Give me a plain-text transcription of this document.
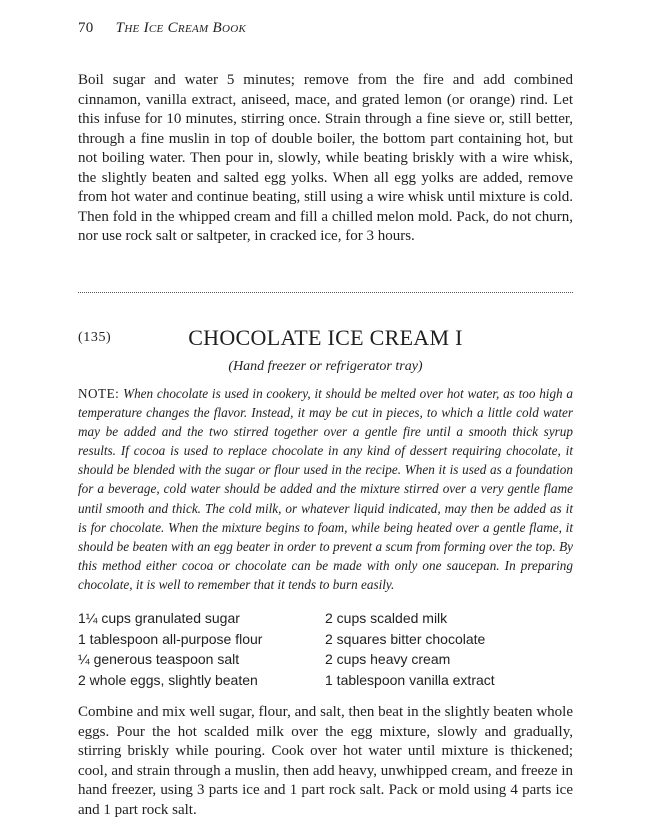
70 The Ice Cream Book

Boil sugar and water 5 minutes; remove from the fire and add combined cinnamon, vanilla extract, aniseed, mace, and grated lemon (or orange) rind. Let this infuse for 10 minutes, stirring once. Strain through a fine sieve or, still better, through a fine muslin in top of double boiler, the bottom part containing hot, but not boiling water. Then pour in, slowly, while beating briskly with a wire whisk, the slightly beaten and salted egg yolks. When all egg yolks are added, remove from hot water and continue beating, still using a wire whisk until mixture is cold. Then fold in the whipped cream and fill a chilled melon mold. Pack, do not churn, nor use rock salt or saltpeter, in cracked ice, for 3 hours.

(135)	CHOCOLATE ICE CREAM I
(Hand freezer or refrigerator tray)

NOTE: When chocolate is used in cookery, it should be melted over hot water, as too high a temperature changes the flavor. Instead, it may be cut in pieces, to which a little cold water may be added and the two stirred together over a gentle fire until a smooth thick syrup results. If cocoa is used to replace chocolate in any kind of dessert requiring chocolate, it should be blended with the sugar or flour used in the recipe. When it is used as a foundation for a beverage, cold water should be added and the mixture stirred over a very gentle flame until smooth and thick. The cold milk, or whatever liquid indicated, may then be added as it is for chocolate. When the mixture begins to foam, while being heated over a gentle flame, it should be beaten with an egg beater in order to prevent a scum from forming over the top. By this method either cocoa or chocolate can be made with only one saucepan. In preparing chocolate, it is well to remember that it tends to burn easily.

1¼ cups granulated sugar
1 tablespoon all-purpose flour
¼ generous teaspoon salt
2 whole eggs, slightly beaten
2 cups scalded milk
2 squares bitter chocolate
2 cups heavy cream
1 tablespoon vanilla extract

Combine and mix well sugar, flour, and salt, then beat in the slightly beaten whole eggs. Pour the hot scalded milk over the egg mixture, slowly and gradually, stirring briskly while pouring. Cook over hot water until mixture is thickened; cool, and strain through a muslin, then add heavy, unwhipped cream, and freeze in hand freezer, using 3 parts ice and 1 part rock salt. Pack or mold using 4 parts ice and 1 part rock salt.
